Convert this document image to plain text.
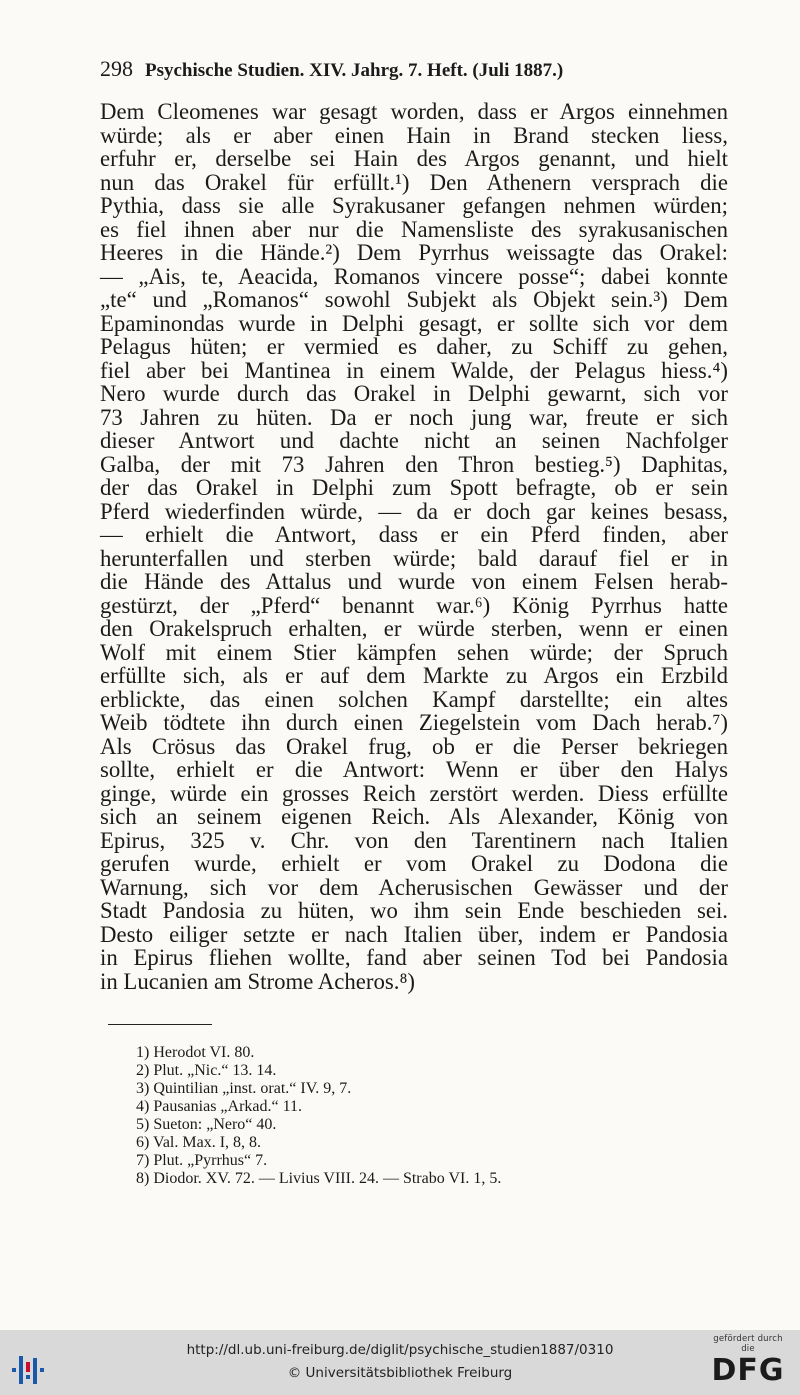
298 Psychische Studien. XIV. Jahrg. 7. Heft. (Juli 1887.)
Dem Cleomenes war gesagt worden, dass er Argos einnehmen
würde; als er aber einen Hain in Brand stecken liess,
erfuhr er, derselbe sei Hain des Argos genannt, und hielt
nun das Orakel für erfüllt.¹) Den Athenern versprach die
Pythia, dass sie alle Syrakusaner gefangen nehmen würden;
es fiel ihnen aber nur die Namensliste des syrakusanischen
Heeres in die Hände.²) Dem Pyrrhus weissagte das Orakel:
— „Ais, te, Aeacida, Romanos vincere posse“; dabei konnte
„te“ und „Romanos“ sowohl Subjekt als Objekt sein.³) Dem
Epaminondas wurde in Delphi gesagt, er sollte sich vor dem
Pelagus hüten; er vermied es daher, zu Schiff zu gehen,
fiel aber bei Mantinea in einem Walde, der Pelagus hiess.⁴)
Nero wurde durch das Orakel in Delphi gewarnt, sich vor
73 Jahren zu hüten. Da er noch jung war, freute er sich
dieser Antwort und dachte nicht an seinen Nachfolger
Galba, der mit 73 Jahren den Thron bestieg.⁵) Daphitas,
der das Orakel in Delphi zum Spott befragte, ob er sein
Pferd wiederfinden würde, — da er doch gar keines besass,
— erhielt die Antwort, dass er ein Pferd finden, aber
herunterfallen und sterben würde; bald darauf fiel er in
die Hände des Attalus und wurde von einem Felsen herab-
gestürzt, der „Pferd“ benannt war.⁶) König Pyrrhus hatte
den Orakelspruch erhalten, er würde sterben, wenn er einen
Wolf mit einem Stier kämpfen sehen würde; der Spruch
erfüllte sich, als er auf dem Markte zu Argos ein Erzbild
erblickte, das einen solchen Kampf darstellte; ein altes
Weib tödtete ihn durch einen Ziegelstein vom Dach herab.⁷)
Als Crösus das Orakel frug, ob er die Perser bekriegen
sollte, erhielt er die Antwort: Wenn er über den Halys
ginge, würde ein grosses Reich zerstört werden. Diess erfüllte
sich an seinem eigenen Reich. Als Alexander, König von
Epirus, 325 v. Chr. von den Tarentinern nach Italien
gerufen wurde, erhielt er vom Orakel zu Dodona die
Warnung, sich vor dem Acherusischen Gewässer und der
Stadt Pandosia zu hüten, wo ihm sein Ende beschieden sei.
Desto eiliger setzte er nach Italien über, indem er Pandosia
in Epirus fliehen wollte, fand aber seinen Tod bei Pandosia
in Lucanien am Strome Acheros.⁸)
1) Herodot VI. 80.
2) Plut. „Nic.“ 13. 14.
3) Quintilian „inst. orat.“ IV. 9, 7.
4) Pausanias „Arkad.“ 11.
5) Sueton: „Nero“ 40.
6) Val. Max. I, 8, 8.
7) Plut. „Pyrrhus“ 7.
8) Diodor. XV. 72. — Livius VIII. 24. — Strabo VI. 1, 5.
http://dl.ub.uni-freiburg.de/diglit/psychische_studien1887/0310
© Universitätsbibliothek Freiburg
gefördert durch die
DFG
